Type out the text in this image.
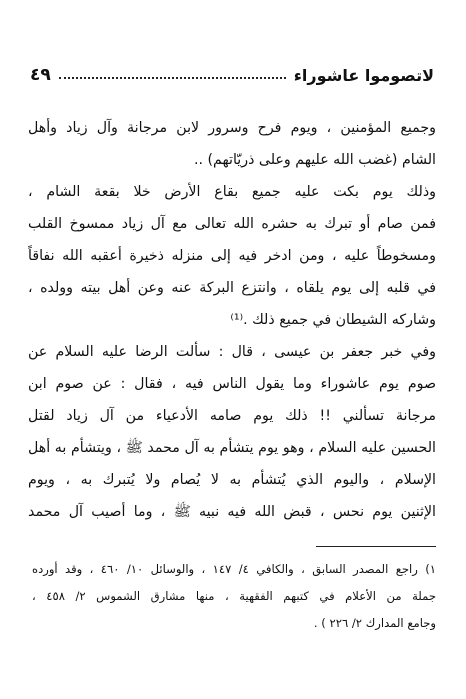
لاتصوموا عاشوراء
٤٩
وجميع المؤمنين ، ويوم فرح وسرور لابن مرجانة وآل زياد وأهل
الشام (غضب الله عليهم وعلى ذريّاتهم) ..
وذلك يوم بكت عليه جميع بقاع الأرض خلا بقعة الشام ،
فمن صام أو تبرك به حشره الله تعالى مع آل زياد ممسوخ القلب
ومسخوطاً عليه ، ومن ادخر فيه إلى منزله ذخيرة أعقبه الله نفاقاً
في قلبه إلى يوم يلقاه ، وانتزع البركة عنه وعن أهل بيته وولده ،
وشاركه الشيطان في جميع ذلك .⁽¹⁾
وفي خبر جعفر بن عيسى ، قال : سألت الرضا عليه السلام عن
صوم يوم عاشوراء وما يقول الناس فيه ، فقال : عن صوم ابن
مرجانة تسألني !! ذلك يوم صامه الأدعياء من آل زياد لقتل
الحسين عليه السلام ، وهو يوم يتشأم به آل محمد ﷺ ، ويتشأم به أهل
الإسلام ، واليوم الذي يُتشأم به لا يُصام ولا يُتبرك به ، ويوم
الإثنين يوم نحس ، قبض الله فيه نبيه ﷺ ، وما أصيب آل محمد
١) راجع المصدر السابق ، والكافي ٤/ ١٤٧ ، والوسائل ١٠/ ٤٦٠ ، وقد أورده
جملة من الأعلام في كتبهم الفقهية ، منها مشارق الشموس ٢/ ٤٥٨ ،
وجامع المدارك ٢/ ٢٢٦ ) .
